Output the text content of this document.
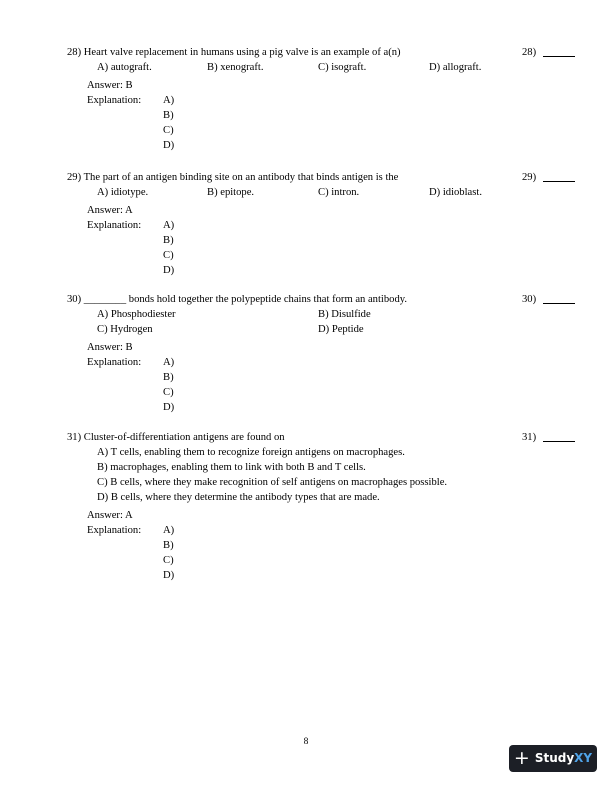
28) Heart valve replacement in humans using a pig valve is an example of a(n)	28)
A) autograft.	B) xenograft.	C) isograft.	D) allograft.
Answer: B
Explanation: A)
B)
C)
D)
29) The part of an antigen binding site on an antibody that binds antigen is the	29)
A) idiotype.	B) epitope.	C) intron.	D) idioblast.
Answer: A
Explanation: A)
B)
C)
D)
30) ________ bonds hold together the polypeptide chains that form an antibody.	30)
A) Phosphodiester	B) Disulfide
C) Hydrogen	D) Peptide
Answer: B
Explanation: A)
B)
C)
D)
31) Cluster-of-differentiation antigens are found on	31)
A) T cells, enabling them to recognize foreign antigens on macrophages.
B) macrophages, enabling them to link with both B and T cells.
C) B cells, where they make recognition of self antigens on macrophages possible.
D) B cells, where they determine the antibody types that are made.
Answer: A
Explanation: A)
B)
C)
D)
8
+ StudyXY
